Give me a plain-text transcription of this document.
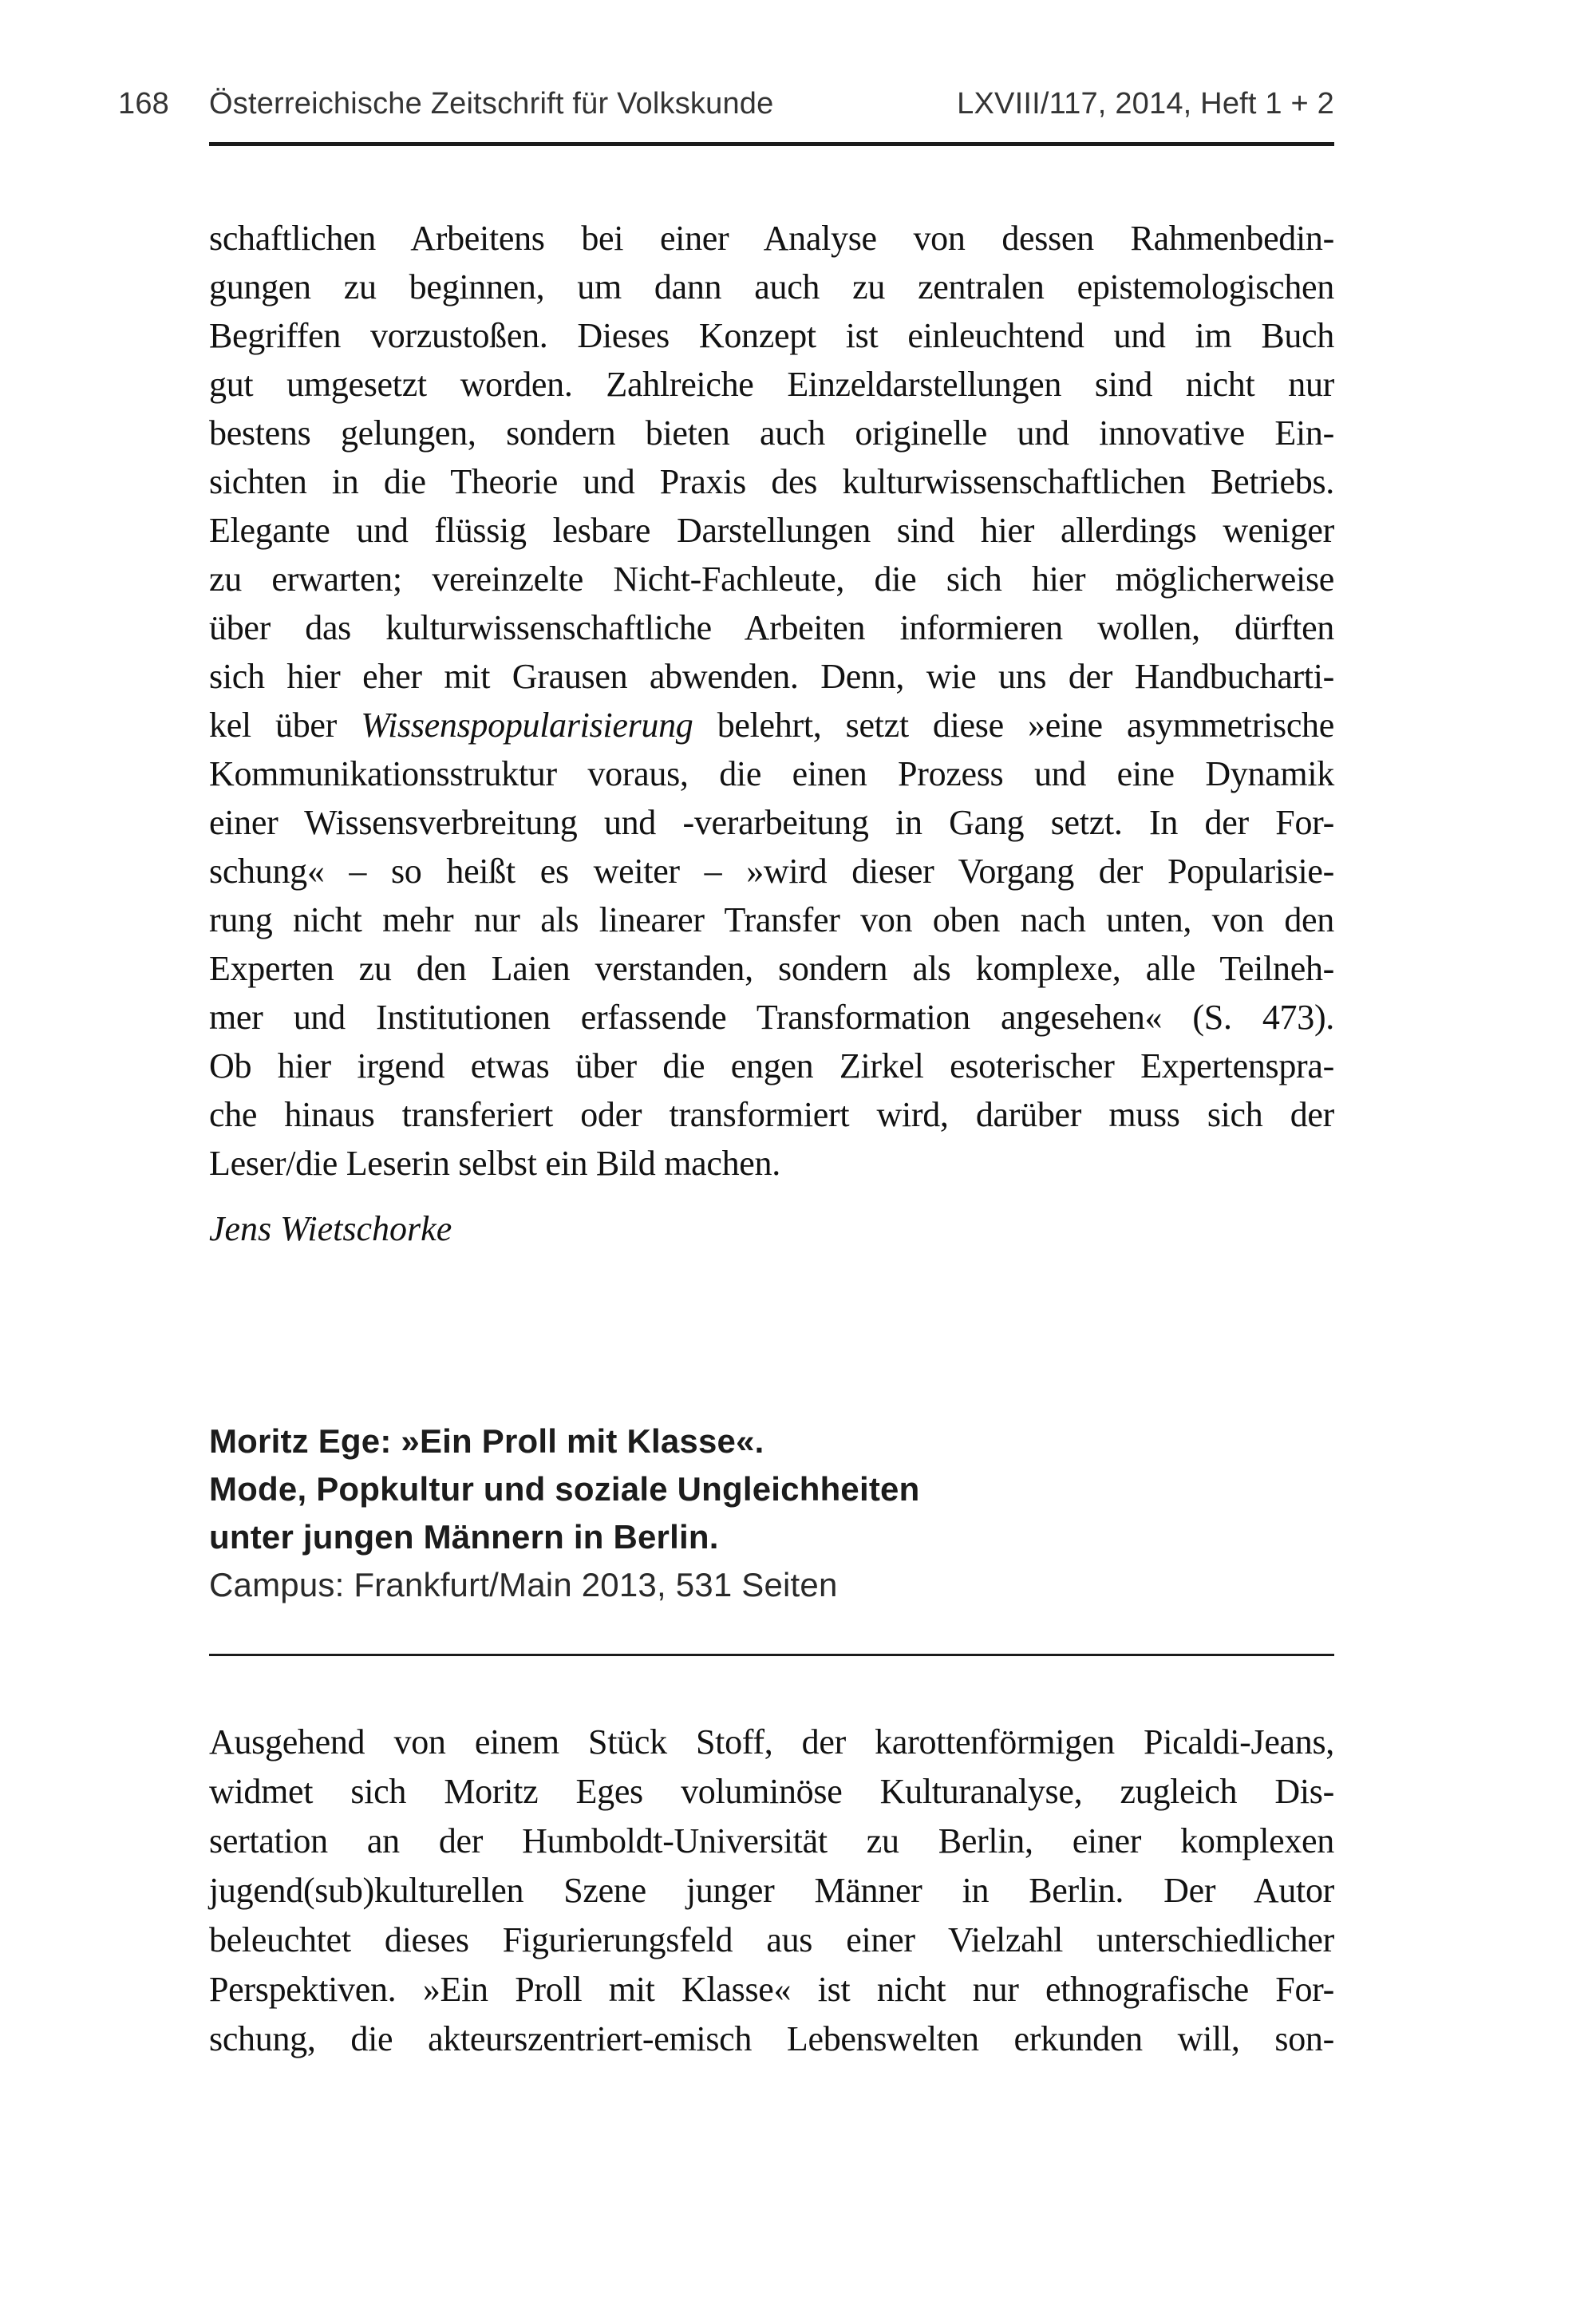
168	Österreichische Zeitschrift für Volkskunde	LXVIII/117, 2014, Heft 1 + 2
schaftlichen Arbeitens bei einer Analyse von dessen Rahmenbedin-
gungen zu beginnen, um dann auch zu zentralen epistemologischen
Begriffen vorzustoßen. Dieses Konzept ist einleuchtend und im Buch
gut umgesetzt worden. Zahlreiche Einzeldarstellungen sind nicht nur
bestens gelungen, sondern bieten auch originelle und innovative Ein-
sichten in die Theorie und Praxis des kulturwissenschaftlichen Betriebs.
Elegante und flüssig lesbare Darstellungen sind hier allerdings weniger
zu erwarten; vereinzelte Nicht-Fachleute, die sich hier möglicherweise
über das kulturwissenschaftliche Arbeiten informieren wollen, dürften
sich hier eher mit Grausen abwenden. Denn, wie uns der Handbucharti-
kel über Wissenspopularisierung belehrt, setzt diese »eine asymmetrische
Kommunikationsstruktur voraus, die einen Prozess und eine Dynamik
einer Wissensverbreitung und -verarbeitung in Gang setzt. In der For-
schung« – so heißt es weiter – »wird dieser Vorgang der Popularisie-
rung nicht mehr nur als linearer Transfer von oben nach unten, von den
Experten zu den Laien verstanden, sondern als komplexe, alle Teilneh-
mer und Institutionen erfassende Transformation angesehen« (S. 473).
Ob hier irgend etwas über die engen Zirkel esoterischer Expertenspra-
che hinaus transferiert oder transformiert wird, darüber muss sich der
Leser/die Leserin selbst ein Bild machen.
Jens Wietschorke
Moritz Ege: »Ein Proll mit Klasse«.
Mode, Popkultur und soziale Ungleichheiten
unter jungen Männern in Berlin.
Campus: Frankfurt/Main 2013, 531 Seiten
Ausgehend von einem Stück Stoff, der karottenförmigen Picaldi-Jeans,
widmet sich Moritz Eges voluminöse Kulturanalyse, zugleich Dis-
sertation an der Humboldt-Universität zu Berlin, einer komplexen
jugend(sub)kulturellen Szene junger Männer in Berlin. Der Autor
beleuchtet dieses Figurierungsfeld aus einer Vielzahl unterschiedlicher
Perspektiven. »Ein Proll mit Klasse« ist nicht nur ethnografische For-
schung, die akteurszentriert-emisch Lebenswelten erkunden will, son-
